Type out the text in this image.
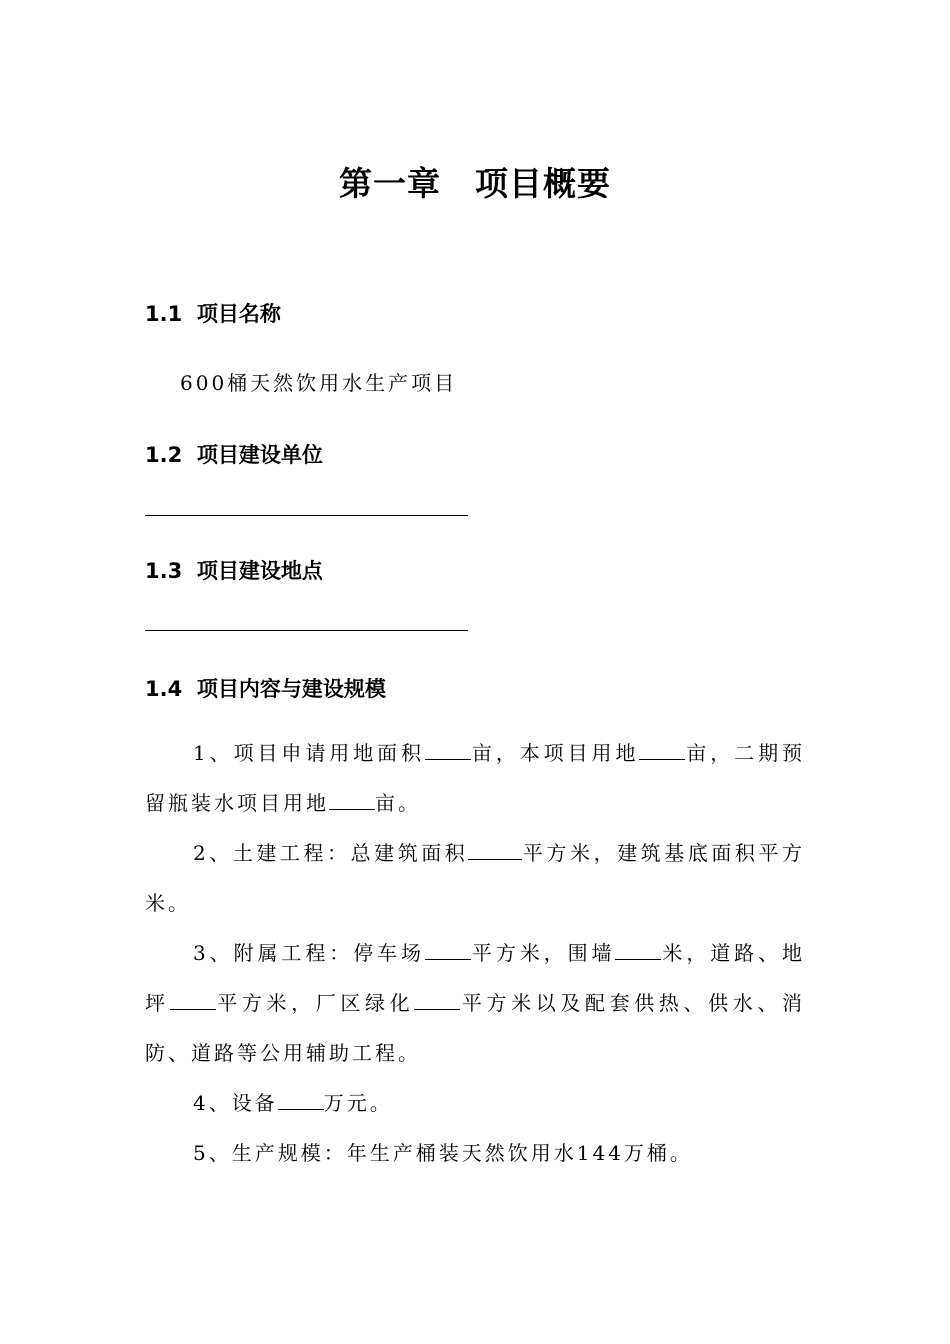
第一章　项目概要
1.1 项目名称
600桶天然饮用水生产项目
1.2 项目建设单位
1.3 项目建设地点
1.4 项目内容与建设规模
1、项目申请用地面积 亩，本项目用地 亩，二期预留瓶装水项目用地 亩。
2、土建工程：总建筑面积	平方米，建筑基底面积平方米。
3、附属工程：停车场 平方米，围墙 米，道路、地坪 平方米，厂区绿化 平方米以及配套供热、供水、消防、道路等公用辅助工程。
4、设备 万元。
5、生产规模：年生产桶装天然饮用水144万桶。
